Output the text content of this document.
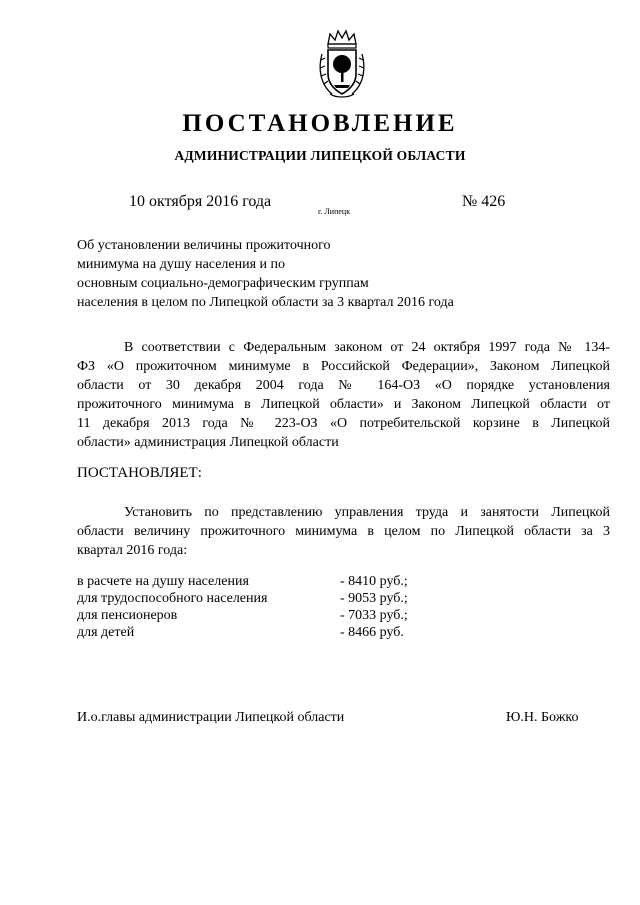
ПОСТАНОВЛЕНИЕ
АДМИНИСТРАЦИИ ЛИПЕЦКОЙ ОБЛАСТИ
10 октября 2016 года
г. Липецк
№ 426
Об установлении величины прожиточного
минимума на душу населения и по
основным социально-демографическим группам
населения в целом по Липецкой области за 3 квартал 2016 года
В соответствии с Федеральным законом от 24 октября 1997 года № 134-
ФЗ «О прожиточном минимуме в Российской Федерации», Законом Липецкой
области от 30 декабря 2004 года № 164-ОЗ «О порядке установления
прожиточного минимума в Липецкой области» и Законом Липецкой области от
11 декабря 2013 года № 223-ОЗ «О потребительской корзине в Липецкой
области» администрация Липецкой области
ПОСТАНОВЛЯЕТ:
Установить по представлению управления труда и занятости Липецкой
области величину прожиточного минимума в целом по Липецкой области за 3
квартал 2016 года:
в расчете на душу населения	- 8410 руб.;
для трудоспособного населения	- 9053 руб.;
для пенсионеров	- 7033 руб.;
для детей	- 8466 руб.
И.о.главы администрации Липецкой области	Ю.Н. Божко
